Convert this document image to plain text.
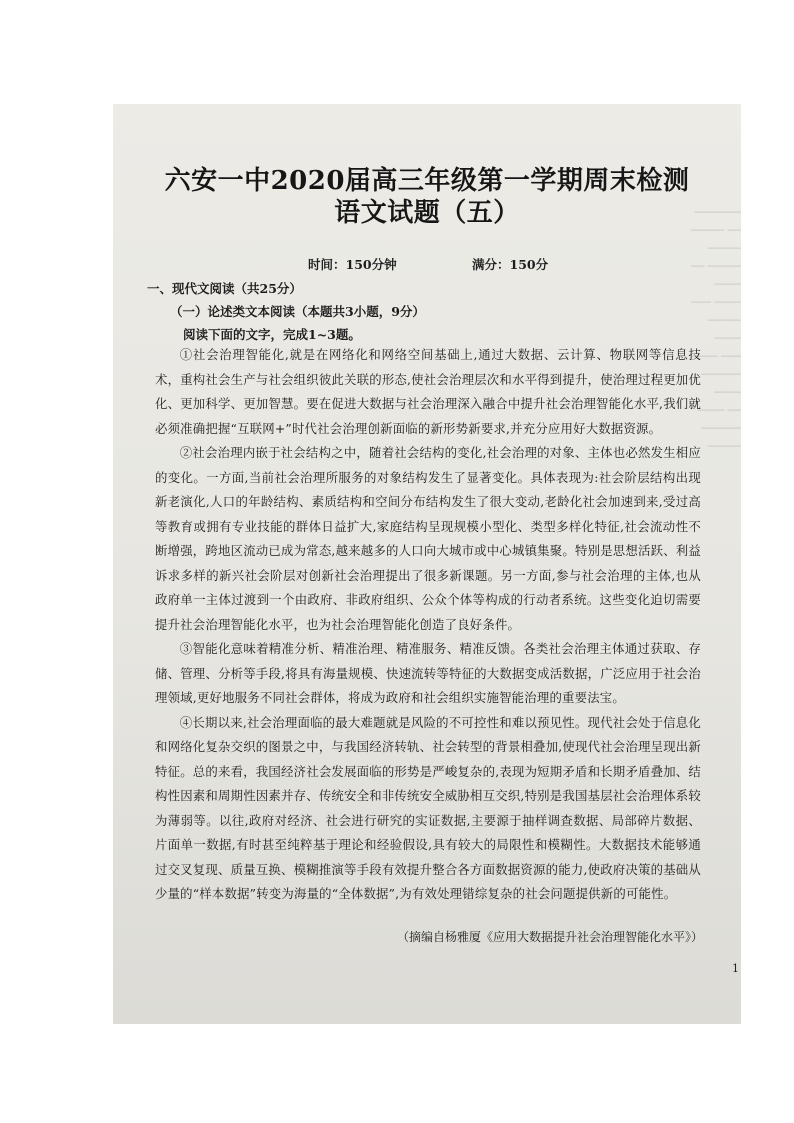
───────
── ─────
─────
───── ──
────
──── ───
─────
────
─── ────
──────
────
── ────
──────
─────
六安一中2020届高三年级第一学期周末检测
语文试题（五）
时间：150分钟	满分：150分
一、现代文阅读（共25分）
（一）论述类文本阅读（本题共3小题，9分）
阅读下面的文字，完成1~3题。

①社会治理智能化,就是在网络化和网络空间基础上,通过大数据、云计算、物联网等信息技术，重构社会生产与社会组织彼此关联的形态,使社会治理层次和水平得到提升，使治理过程更加优化、更加科学、更加智慧。要在促进大数据与社会治理深入融合中提升社会治理智能化水平,我们就必须准确把握“互联网+”时代社会治理创新面临的新形势新要求,并充分应用好大数据资源。

②社会治理内嵌于社会结构之中，随着社会结构的变化,社会治理的对象、主体也必然发生相应的变化。一方面,当前社会治理所服务的对象结构发生了显著变化。具体表现为:社会阶层结构出现新老演化,人口的年龄结构、素质结构和空间分布结构发生了很大变动,老龄化社会加速到来,受过高等教育或拥有专业技能的群体日益扩大,家庭结构呈现规模小型化、类型多样化特征,社会流动性不断增强，跨地区流动已成为常态,越来越多的人口向大城市或中心城镇集聚。特别是思想活跃、利益诉求多样的新兴社会阶层对创新社会治理提出了很多新课题。另一方面,参与社会治理的主体,也从政府单一主体过渡到一个由政府、非政府组织、公众个体等构成的行动者系统。这些变化迫切需要提升社会治理智能化水平，也为社会治理智能化创造了良好条件。

③智能化意味着精准分析、精准治理、精准服务、精准反馈。各类社会治理主体通过获取、存储、管理、分析等手段,将具有海量规模、快速流转等特征的大数据变成活数据，广泛应用于社会治理领域,更好地服务不同社会群体，将成为政府和社会组织实施智能治理的重要法宝。

④长期以来,社会治理面临的最大难题就是风险的不可控性和难以预见性。现代社会处于信息化和网络化复杂交织的图景之中，与我国经济转轨、社会转型的背景相叠加,使现代社会治理呈现出新特征。总的来看，我国经济社会发展面临的形势是严峻复杂的,表现为短期矛盾和长期矛盾叠加、结构性因素和周期性因素并存、传统安全和非传统安全威胁相互交织,特别是我国基层社会治理体系较为薄弱等。以往,政府对经济、社会进行研究的实证数据,主要源于抽样调查数据、局部碎片数据、片面单一数据,有时甚至纯粹基于理论和经验假设,具有较大的局限性和模糊性。大数据技术能够通过交叉复现、质量互换、模糊推演等手段有效提升整合各方面数据资源的能力,使政府决策的基础从少量的“样本数据”转变为海量的“全体数据”,为有效处理错综复杂的社会问题提供新的可能性。

（摘编自杨雅厦《应用大数据提升社会治理智能化水平》）
1
